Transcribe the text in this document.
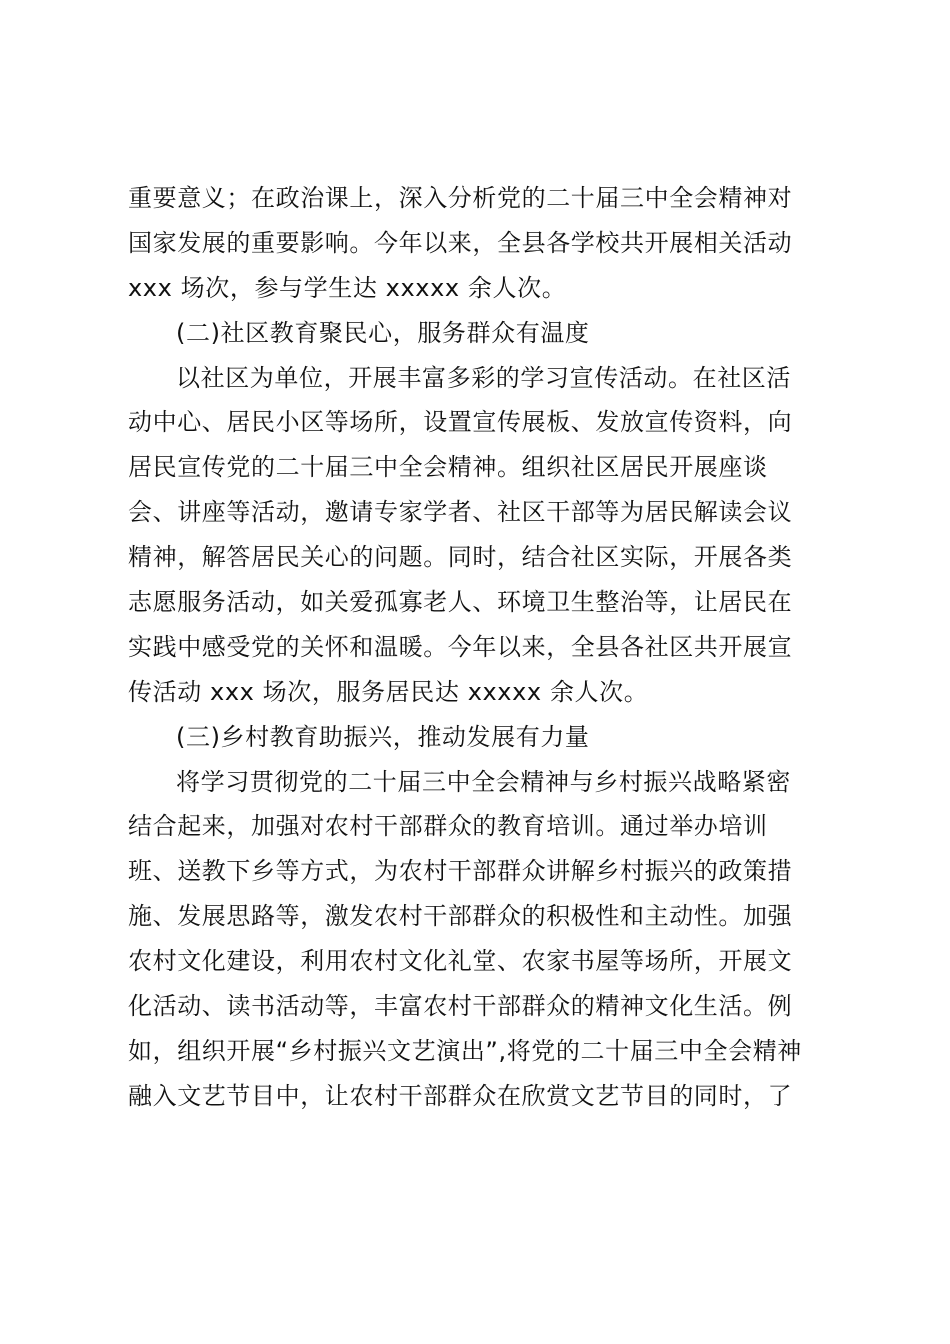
重要意义；在政治课上，深入分析党的二十届三中全会精神对
国家发展的重要影响。今年以来，全县各学校共开展相关活动
xxx 场次，参与学生达 xxxxx 余人次。
(二)社区教育聚民心，服务群众有温度
以社区为单位，开展丰富多彩的学习宣传活动。在社区活
动中心、居民小区等场所，设置宣传展板、发放宣传资料，向
居民宣传党的二十届三中全会精神。组织社区居民开展座谈
会、讲座等活动，邀请专家学者、社区干部等为居民解读会议
精神，解答居民关心的问题。同时，结合社区实际，开展各类
志愿服务活动，如关爱孤寡老人、环境卫生整治等，让居民在
实践中感受党的关怀和温暖。今年以来，全县各社区共开展宣
传活动 xxx 场次，服务居民达 xxxxx 余人次。
(三)乡村教育助振兴，推动发展有力量
将学习贯彻党的二十届三中全会精神与乡村振兴战略紧密
结合起来，加强对农村干部群众的教育培训。通过举办培训
班、送教下乡等方式，为农村干部群众讲解乡村振兴的政策措
施、发展思路等，激发农村干部群众的积极性和主动性。加强
农村文化建设，利用农村文化礼堂、农家书屋等场所，开展文
化活动、读书活动等，丰富农村干部群众的精神文化生活。例
如，组织开展“乡村振兴文艺演出”,将党的二十届三中全会精神
融入文艺节目中，让农村干部群众在欣赏文艺节目的同时，了
